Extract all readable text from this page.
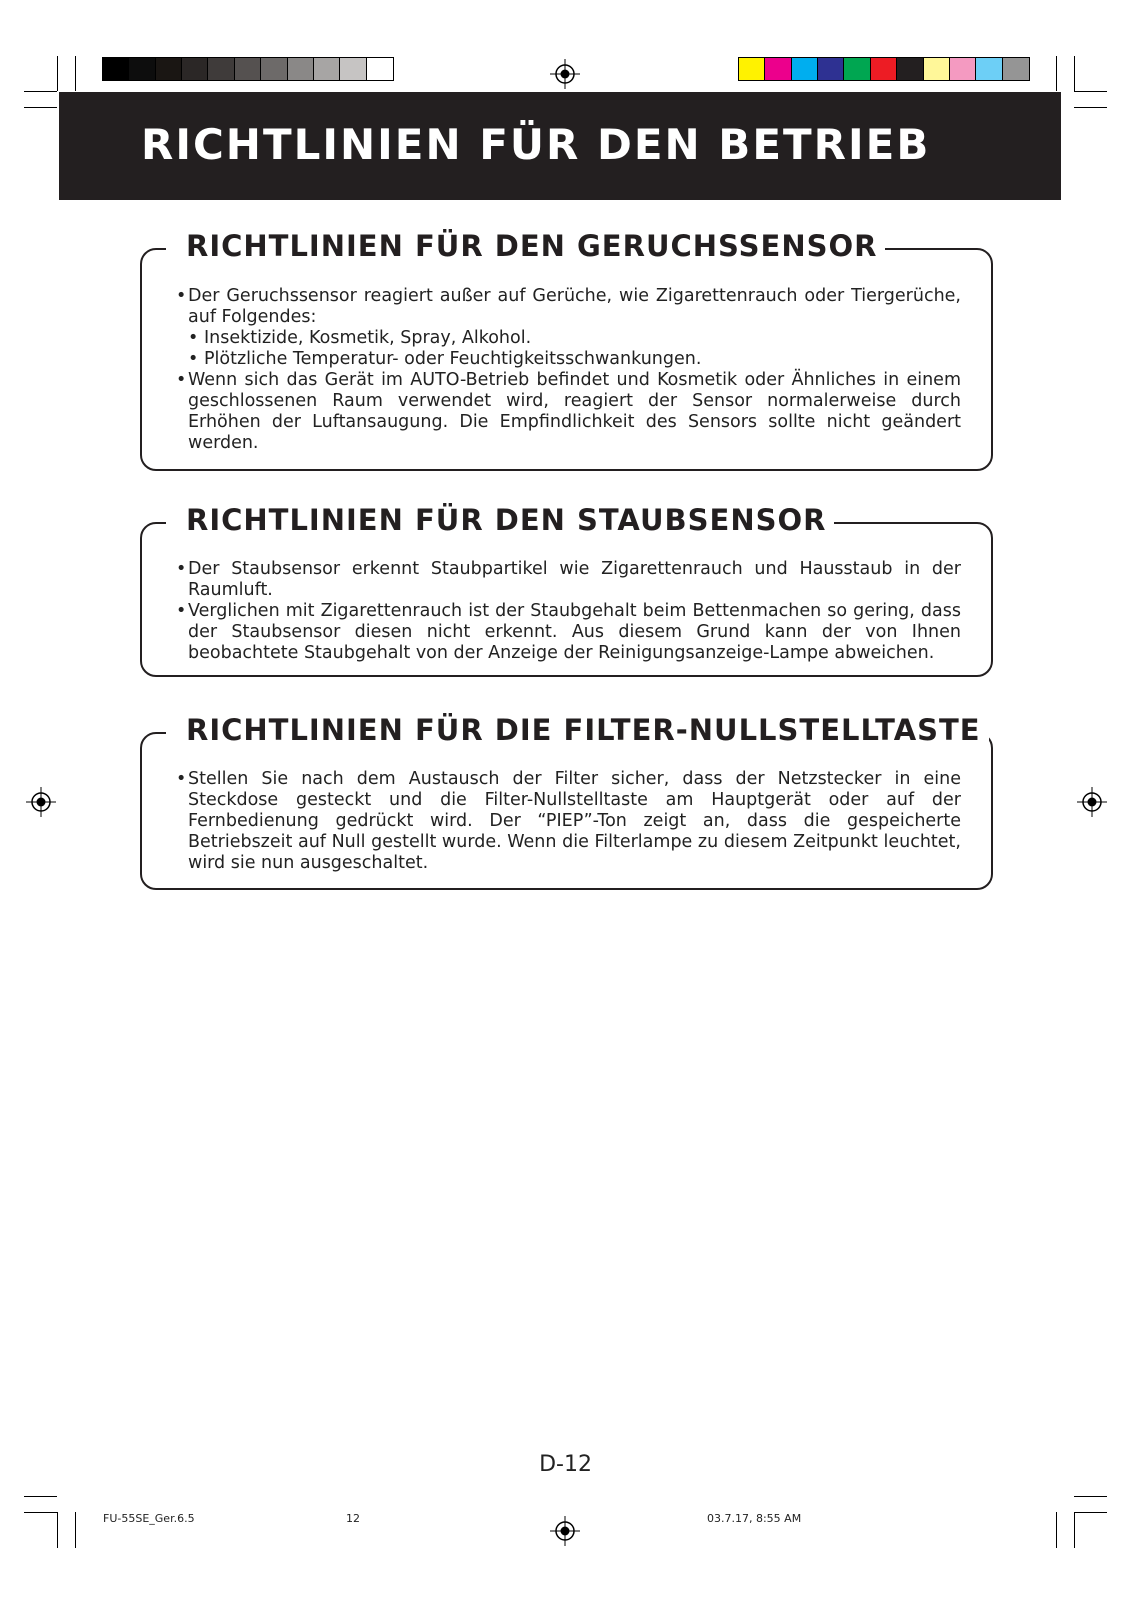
RICHTLINIEN FÜR DEN BETRIEB
RICHTLINIEN FÜR DEN GERUCHSSENSOR
• Der Geruchssensor reagiert außer auf Gerüche, wie Zigarettenrauch oder Tiergerüche, auf Folgendes:
• Insektizide, Kosmetik, Spray, Alkohol.
• Plötzliche Temperatur- oder Feuchtigkeitsschwankungen.
• Wenn sich das Gerät im AUTO-Betrieb befindet und Kosmetik oder Ähnliches in einem geschlossenen Raum verwendet wird, reagiert der Sensor normalerweise durch Erhöhen der Luftansaugung. Die Empfindlichkeit des Sensors sollte nicht geändert werden.
RICHTLINIEN FÜR DEN STAUBSENSOR
• Der Staubsensor erkennt Staubpartikel wie Zigarettenrauch und Hausstaub in der Raumluft.
• Verglichen mit Zigarettenrauch ist der Staubgehalt beim Bettenmachen so gering, dass der Staubsensor diesen nicht erkennt. Aus diesem Grund kann der von Ihnen beobachtete Staubgehalt von der Anzeige der Reinigungsanzeige-Lampe abweichen.
RICHTLINIEN FÜR DIE FILTER-NULLSTELLTASTE
• Stellen Sie nach dem Austausch der Filter sicher, dass der Netzstecker in eine Steckdose gesteckt und die Filter-Nullstelltaste am Hauptgerät oder auf der Fernbedienung gedrückt wird. Der “PIEP”-Ton zeigt an, dass die gespeicherte Betriebszeit auf Null gestellt wurde. Wenn die Filterlampe zu diesem Zeitpunkt leuchtet, wird sie nun ausgeschaltet.
D-12
FU-55SE_Ger.6.5	12	03.7.17, 8:55 AM
